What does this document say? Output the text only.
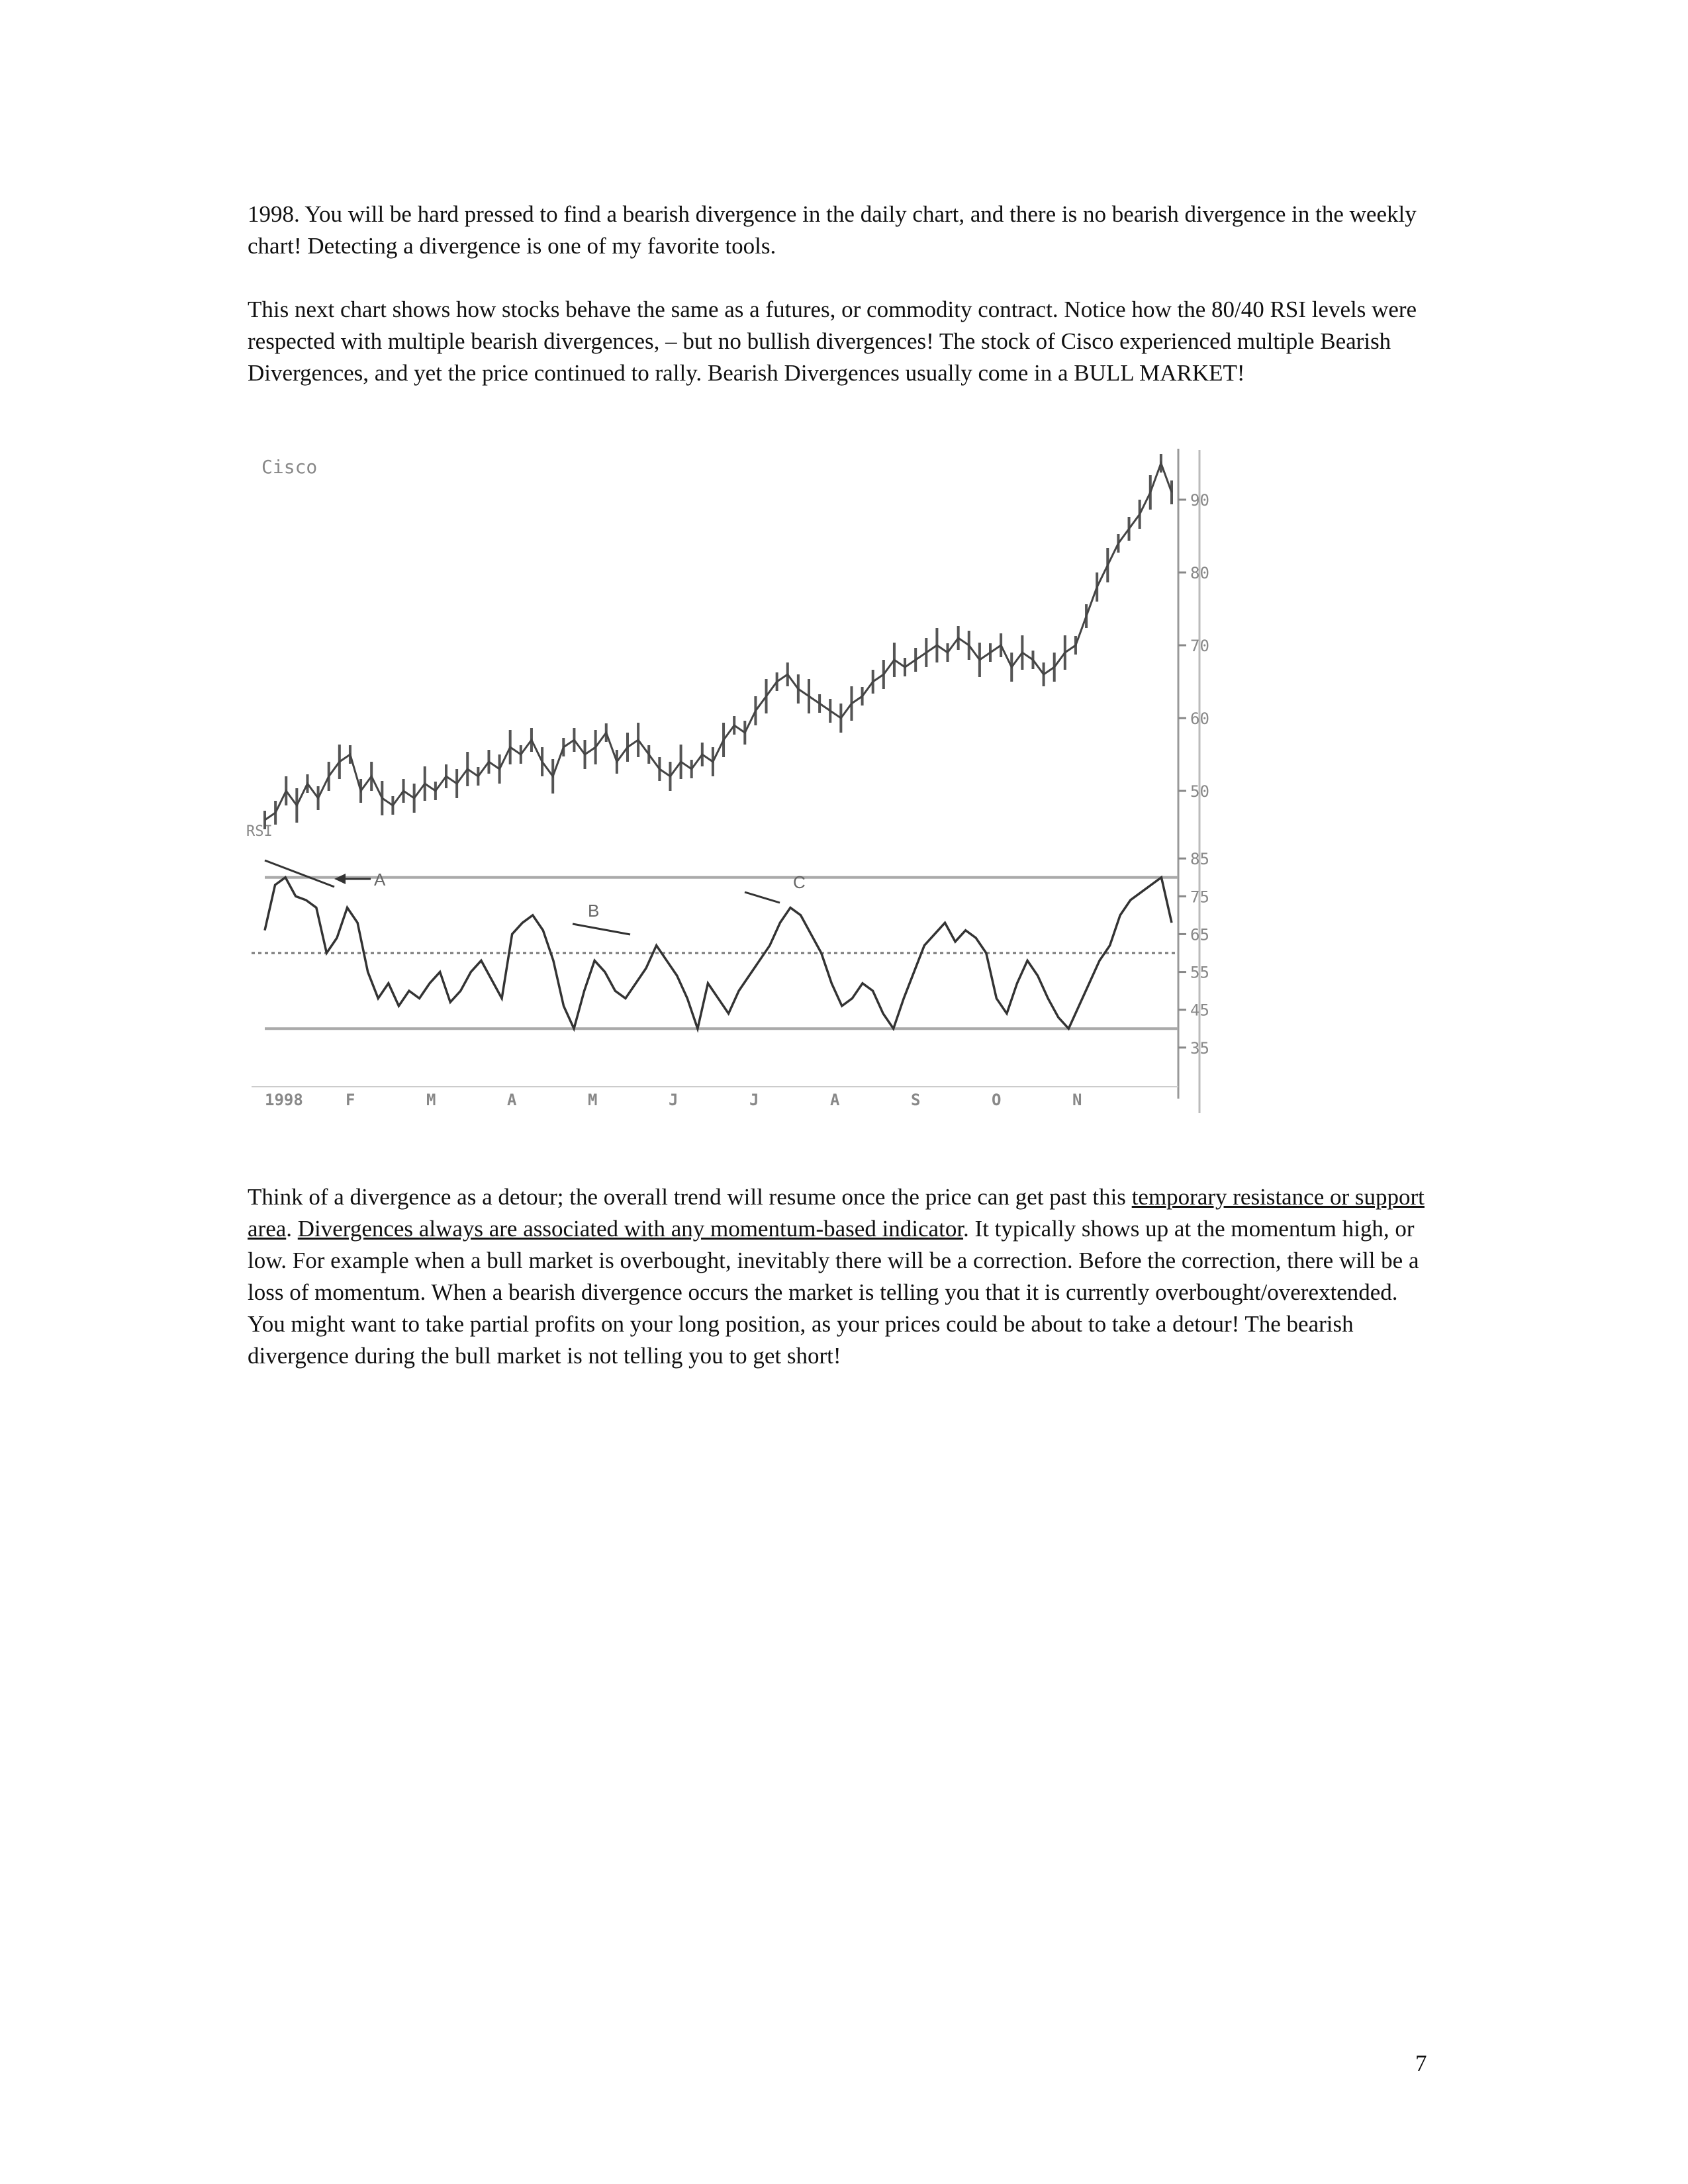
1998. You will be hard pressed to find a bearish divergence in the daily chart, and there is no bearish divergence in the weekly chart! Detecting a divergence is one of my favorite tools.

This next chart shows how stocks behave the same as a futures, or commodity contract. Notice how the 80/40 RSI levels were respected with multiple bearish divergences, – but no bullish divergences! The stock of Cisco experienced multiple Bearish Divergences, and yet the price continued to rally. Bearish Divergences usually come in a BULL MARKET!

Cisco
RSI
90
80
70
60
50
85
75
65
55
45
35
1998	F	M	A	M	J	J	A	S	O	N
A
B
C

Think of a divergence as a detour; the overall trend will resume once the price can get past this temporary resistance or support area. Divergences always are associated with any momentum-based indicator. It typically shows up at the momentum high, or low. For example when a bull market is overbought, inevitably there will be a correction. Before the correction, there will be a loss of momentum. When a bearish divergence occurs the market is telling you that it is currently overbought/overextended. You might want to take partial profits on your long position, as your prices could be about to take a detour! The bearish divergence during the bull market is not telling you to get short!

7
